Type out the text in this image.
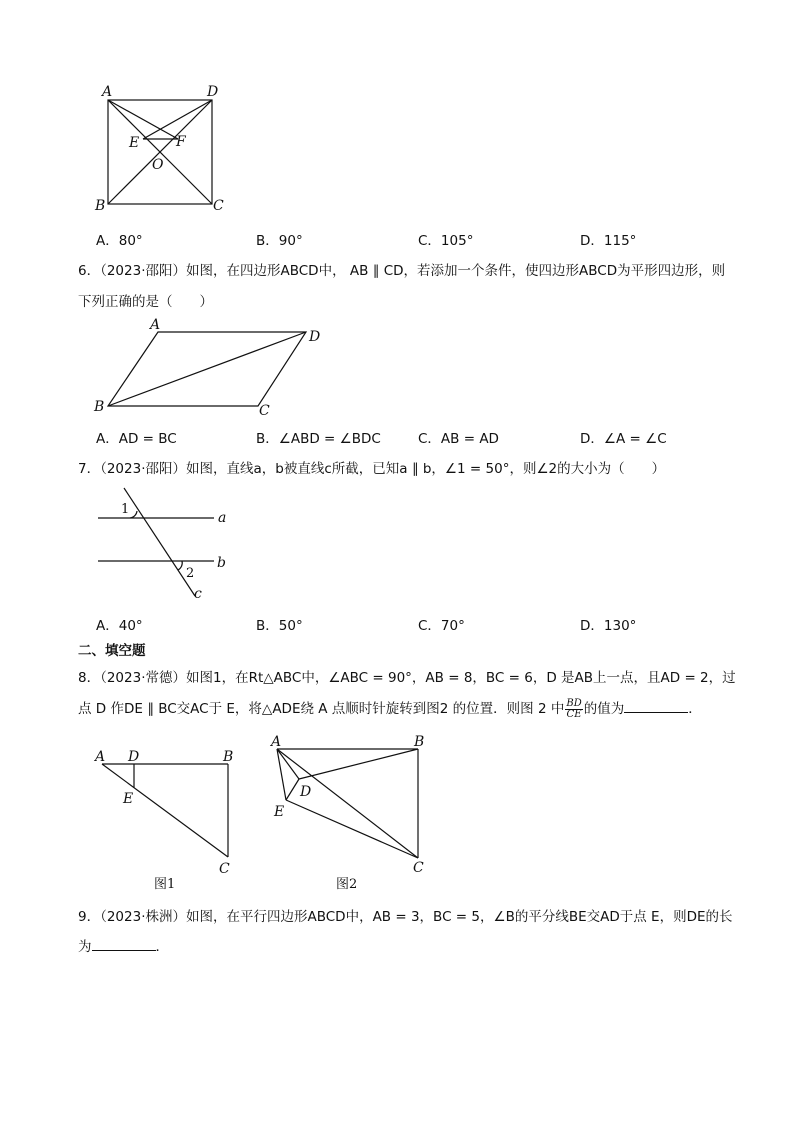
A	D
B	C
E	F
O
A．80°	B．90°	C．105°	D．115°
6．（2023·邵阳）如图，在四边形ABCD中， AB ∥ CD，若添加一个条件，使四边形ABCD为平形四边形，则
下列正确的是（　　）
A
D
B	C
A．AD = BC	B．∠ABD = ∠BDC	C．AB = AD	D．∠A = ∠C
7．（2023·邵阳）如图，直线a，b被直线c所截，已知a ∥ b，∠1 = 50°，则∠2的大小为（　　）
1
2
a
b
c
A．40°	B．50°	C．70°	D．130°
二、填空题
8．（2023·常德）如图1，在Rt△ABC中，∠ABC = 90°，AB = 8，BC = 6，D 是AB上一点，且AD = 2，过
点 D 作DE ∥ BC交AC于 E，将△ADE绕 A 点顺时针旋转到图2 的位置．则图 2 中 $\frac{BD}{CE}$ 的值为	．
A D	B
E
C
图1
A	B
D
E
C
图2
9．（2023·株洲）如图，在平行四边形ABCD中，AB = 3，BC = 5，∠B的平分线BE交AD于点 E，则DE的长
为	．
